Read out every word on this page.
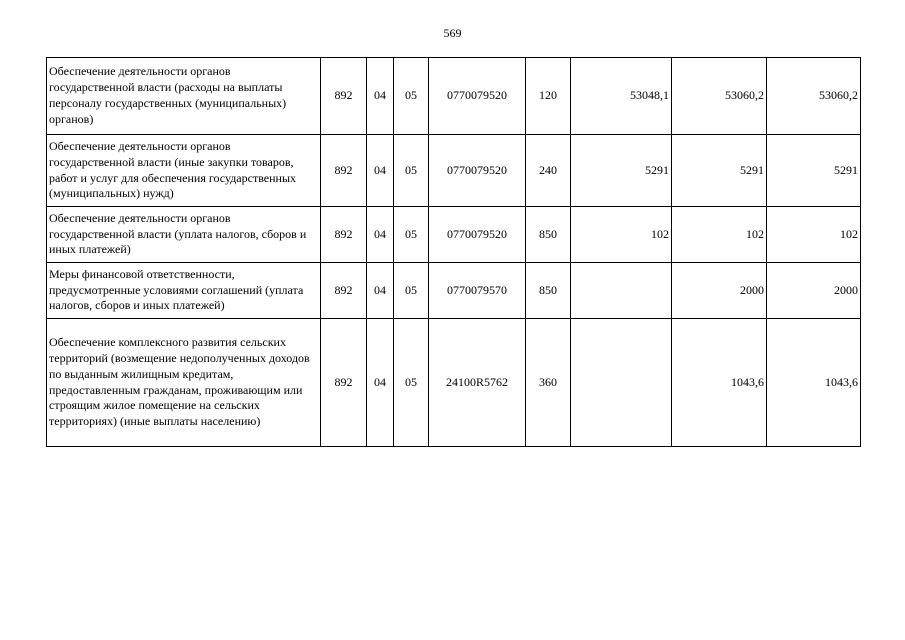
569
Обеспечение деятельности органов государственной власти (расходы на выплаты персоналу государственных (муниципальных) органов)	892	04	05	0770079520	120	53048,1	53060,2	53060,2
Обеспечение деятельности органов государственной власти (иные закупки товаров, работ и услуг для обеспечения государственных (муниципальных) нужд)	892	04	05	0770079520	240	5291	5291	5291
Обеспечение деятельности органов государственной власти (уплата налогов, сборов и иных платежей)	892	04	05	0770079520	850	102	102	102
Меры финансовой ответственности, предусмотренные условиями соглашений (уплата налогов, сборов и иных платежей)	892	04	05	0770079570	850		2000	2000
Обеспечение комплексного развития сельских территорий (возмещение недополученных доходов по выданным жилищным кредитам, предоставленным гражданам, проживающим или строящим жилое помещение на сельских территориях) (иные выплаты населению)	892	04	05	24100R5762	360		1043,6	1043,6
